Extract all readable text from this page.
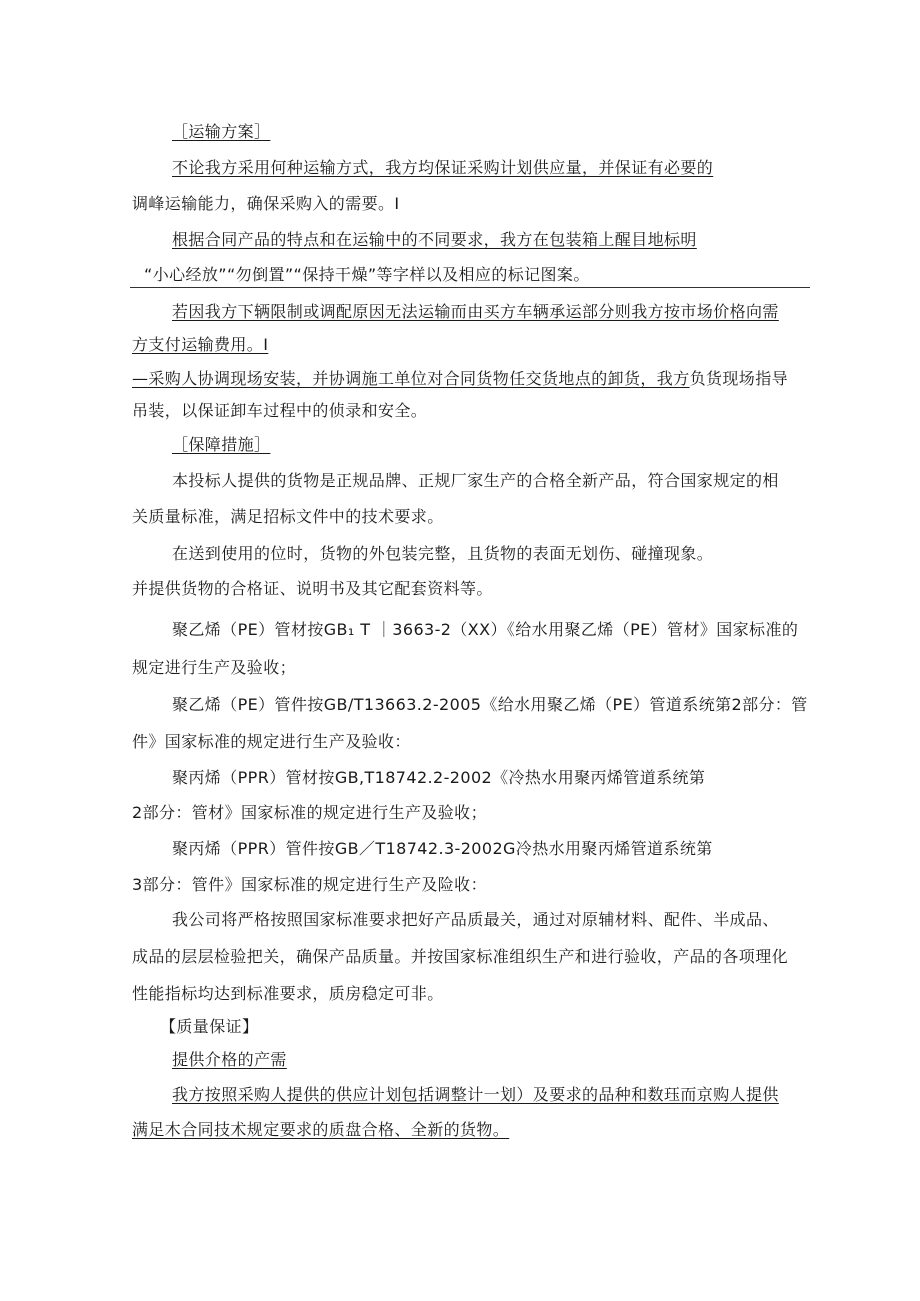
［运输方案］
不论我方采用何种运输方式，我方均保证采购计划供应量，并保证有必要的
调峰运输能力，确保采购入的需要。I
根据合同产品的特点和在运输中的不同要求，我方在包装箱上醒目地标明
“小心经放”“勿倒置”“保持干燥”等字样以及相应的标记图案。
若因我方下辆限制或调配原因无法运输而由买方车辆承运部分则我方按市场价格向需
方支付运输费用。I
—采购人协调现场安装，并协调施工单位对合同货物任交货地点的卸货，我方负货现场指导
吊装，以保证卸车过程中的侦录和安全。
［保障措施］
本投标人提供的货物是正规品牌、正规厂家生产的合格全新产品，符合国家规定的相
关质量标准，满足招标文件中的技术要求。
在送到使用的位时，货物的外包装完整，且货物的表面无划伤、碰撞现象。
并提供货物的合格证、说明书及其它配套资料等。
聚乙烯（PE）管材按GB₁ T ｜3663-2（XX）《给水用聚乙烯（PE）管材》国家标准的
规定进行生产及验收；
聚乙烯（PE）管件按GB/T13663.2-2005《给水用聚乙烯（PE）管道系统第2部分：管
件》国家标准的规定进行生产及验收：
聚丙烯（PPR）管材按GB,T18742.2-2002《冷热水用聚丙烯管道系统第
2部分：管材》国家标准的规定进行生产及验收；
聚丙烯（PPR）管件按GB／T18742.3-2002G冷热水用聚丙烯管道系统第
3部分：管件》国家标准的规定进行生产及险收：
我公司将严格按照国家标准要求把好产品质最关，通过对原辅材料、配件、半成品、
成品的层层检验把关，确保产品质量。并按国家标准组织生产和进行验收，产品的各项理化
性能指标均达到标准要求，质房稳定可非。
【质量保证】
提供介格的产需
我方按照采购人提供的供应计划包括调整计一划）及要求的品种和数珏而京购人提供
满足木合同技术规定要求的质盘合格、全新的货物。
